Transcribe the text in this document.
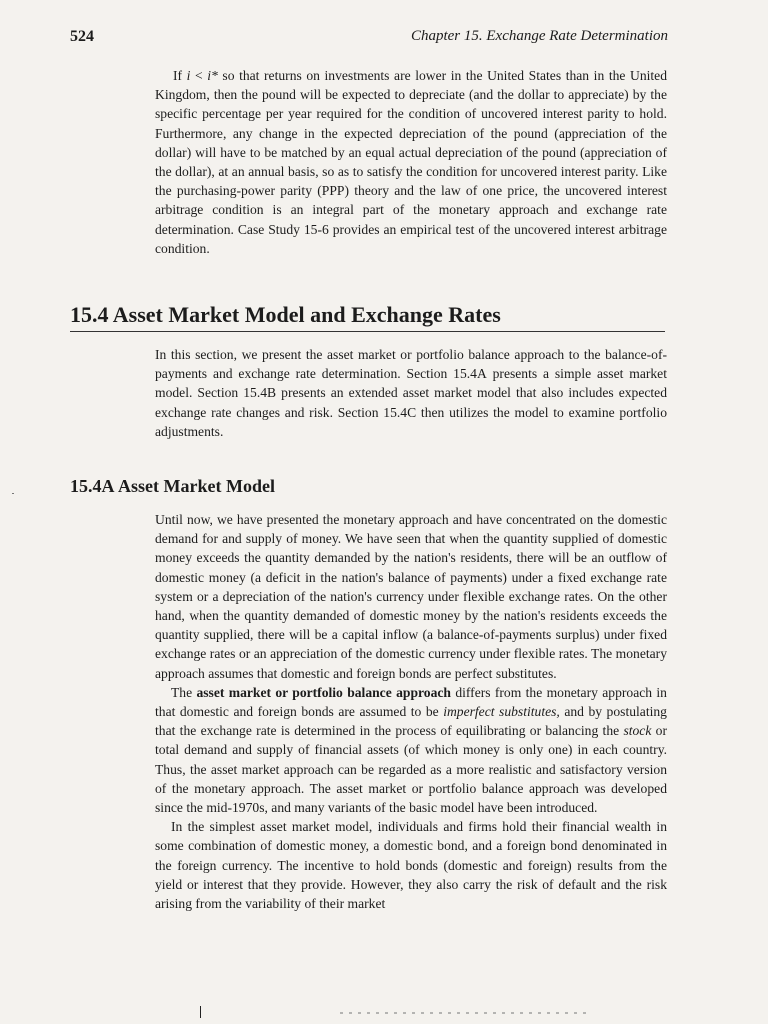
524	Chapter 15. Exchange Rate Determination

If i < i* so that returns on investments are lower in the United States than in the United Kingdom, then the pound will be expected to depreciate (and the dollar to appreciate) by the specific percentage per year required for the condition of uncovered interest parity to hold. Furthermore, any change in the expected depreciation of the pound (appreciation of the dollar) will have to be matched by an equal actual depreciation of the pound (appreciation of the dollar), at an annual basis, so as to satisfy the condition for uncovered interest parity. Like the purchasing-power parity (PPP) theory and the law of one price, the uncovered interest arbitrage condition is an integral part of the monetary approach and exchange rate determination. Case Study 15-6 provides an empirical test of the uncovered interest arbitrage condition.

15.4 Asset Market Model and Exchange Rates

In this section, we present the asset market or portfolio balance approach to the balance-of-payments and exchange rate determination. Section 15.4A presents a simple asset market model. Section 15.4B presents an extended asset market model that also includes expected exchange rate changes and risk. Section 15.4C then utilizes the model to examine portfolio adjustments.

15.4A Asset Market Model

Until now, we have presented the monetary approach and have concentrated on the domestic demand for and supply of money. We have seen that when the quantity supplied of domestic money exceeds the quantity demanded by the nation's residents, there will be an outflow of domestic money (a deficit in the nation's balance of payments) under a fixed exchange rate system or a depreciation of the nation's currency under flexible exchange rates. On the other hand, when the quantity demanded of domestic money by the nation's residents exceeds the quantity supplied, there will be a capital inflow (a balance-of-payments surplus) under fixed exchange rates or an appreciation of the domestic currency under flexible rates. The monetary approach assumes that domestic and foreign bonds are perfect substitutes.

The asset market or portfolio balance approach differs from the monetary approach in that domestic and foreign bonds are assumed to be imperfect substitutes, and by postulating that the exchange rate is determined in the process of equilibrating or balancing the stock or total demand and supply of financial assets (of which money is only one) in each country. Thus, the asset market approach can be regarded as a more realistic and satisfactory version of the monetary approach. The asset market or portfolio balance approach was developed since the mid-1970s, and many variants of the basic model have been introduced.

In the simplest asset market model, individuals and firms hold their financial wealth in some combination of domestic money, a domestic bond, and a foreign bond denominated in the foreign currency. The incentive to hold bonds (domestic and foreign) results from the yield or interest that they provide. However, they also carry the risk of default and the risk arising from the variability of their market
